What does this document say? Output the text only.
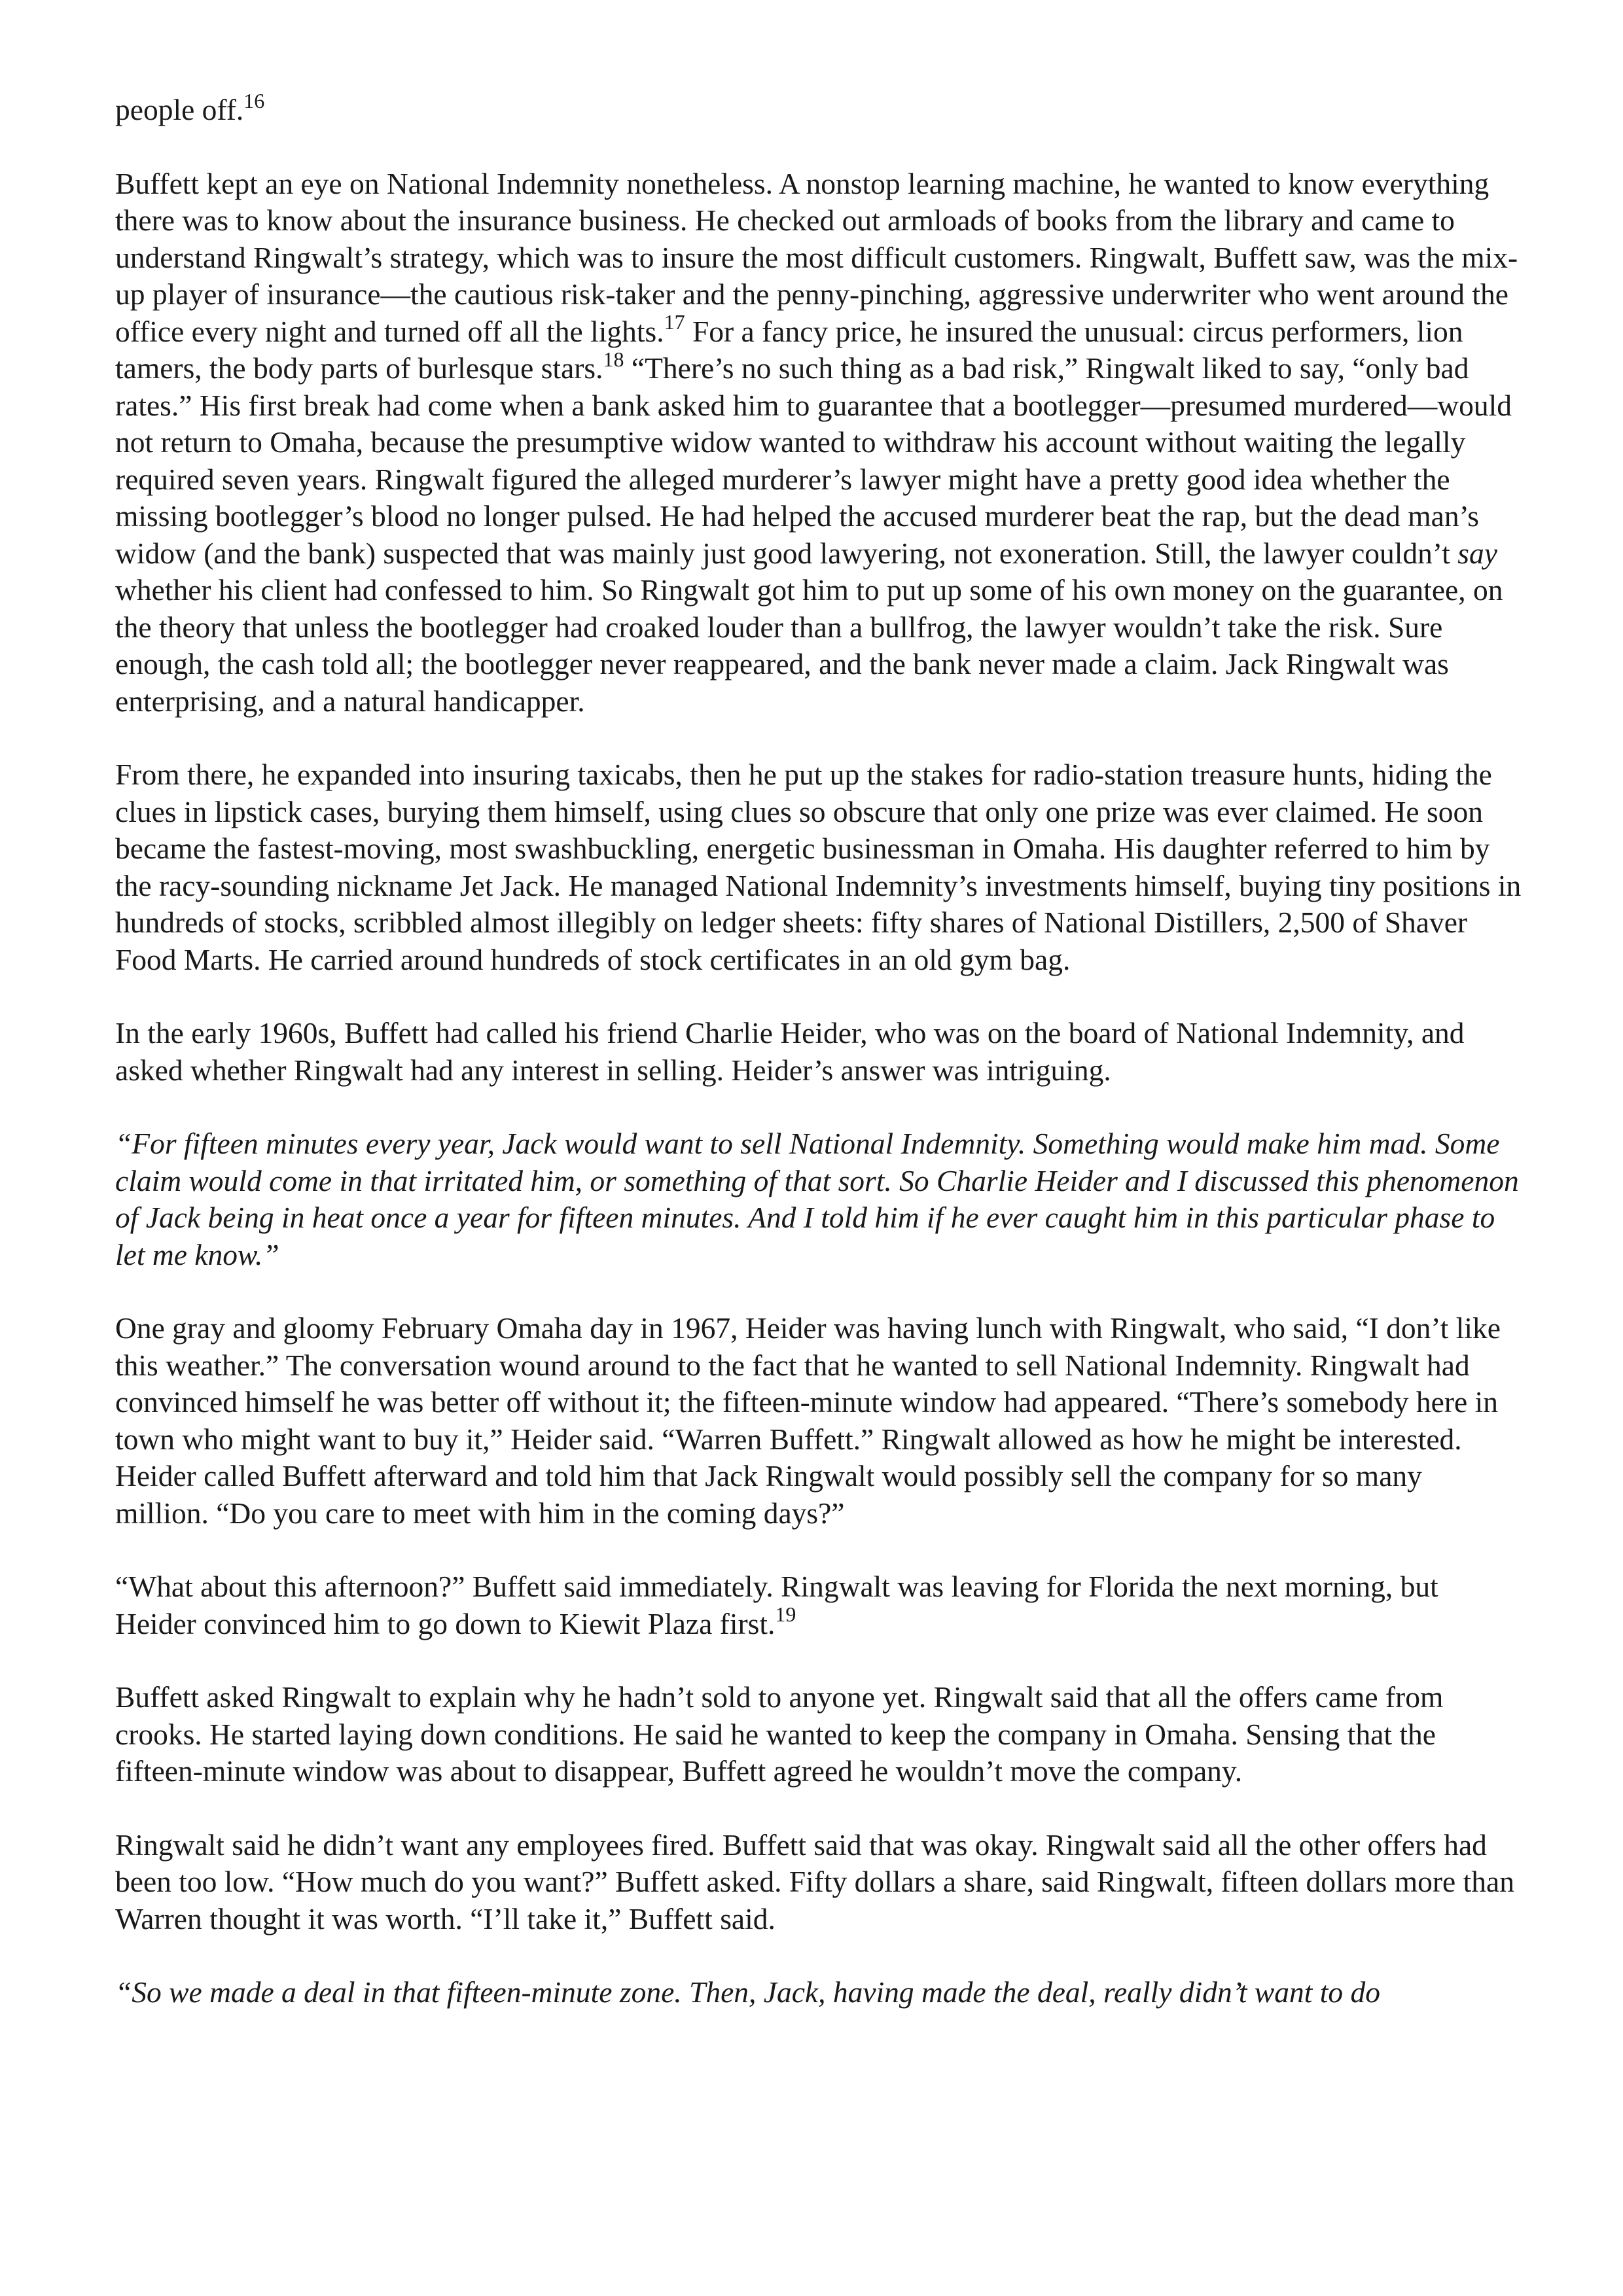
people off.$^{16}$

Buffett kept an eye on National Indemnity nonetheless. A nonstop learning machine, he wanted to know everything there was to know about the insurance business. He checked out armloads of books from the library and came to understand Ringwalt’s strategy, which was to insure the most difficult customers. Ringwalt, Buffett saw, was the mix-up player of insurance—the cautious risk-taker and the penny-pinching, aggressive underwriter who went around the office every night and turned off all the lights.$^{17}$ For a fancy price, he insured the unusual: circus performers, lion tamers, the body parts of burlesque stars.$^{18}$ “There’s no such thing as a bad risk,” Ringwalt liked to say, “only bad rates.” His first break had come when a bank asked him to guarantee that a bootlegger—presumed murdered—would not return to Omaha, because the presumptive widow wanted to withdraw his account without waiting the legally required seven years. Ringwalt figured the alleged murderer’s lawyer might have a pretty good idea whether the missing bootlegger’s blood no longer pulsed. He had helped the accused murderer beat the rap, but the dead man’s widow (and the bank) suspected that was mainly just good lawyering, not exoneration. Still, the lawyer couldn’t say whether his client had confessed to him. So Ringwalt got him to put up some of his own money on the guarantee, on the theory that unless the bootlegger had croaked louder than a bullfrog, the lawyer wouldn’t take the risk. Sure enough, the cash told all; the bootlegger never reappeared, and the bank never made a claim. Jack Ringwalt was enterprising, and a natural handicapper.

From there, he expanded into insuring taxicabs, then he put up the stakes for radio-station treasure hunts, hiding the clues in lipstick cases, burying them himself, using clues so obscure that only one prize was ever claimed. He soon became the fastest-moving, most swashbuckling, energetic businessman in Omaha. His daughter referred to him by the racy-sounding nickname Jet Jack. He managed National Indemnity’s investments himself, buying tiny positions in hundreds of stocks, scribbled almost illegibly on ledger sheets: fifty shares of National Distillers, 2,500 of Shaver Food Marts. He carried around hundreds of stock certificates in an old gym bag.

In the early 1960s, Buffett had called his friend Charlie Heider, who was on the board of National Indemnity, and asked whether Ringwalt had any interest in selling. Heider’s answer was intriguing.

“For fifteen minutes every year, Jack would want to sell National Indemnity. Something would make him mad. Some claim would come in that irritated him, or something of that sort. So Charlie Heider and I discussed this phenomenon of Jack being in heat once a year for fifteen minutes. And I told him if he ever caught him in this particular phase to let me know.”

One gray and gloomy February Omaha day in 1967, Heider was having lunch with Ringwalt, who said, “I don’t like this weather.” The conversation wound around to the fact that he wanted to sell National Indemnity. Ringwalt had convinced himself he was better off without it; the fifteen-minute window had appeared. “There’s somebody here in town who might want to buy it,” Heider said. “Warren Buffett.” Ringwalt allowed as how he might be interested. Heider called Buffett afterward and told him that Jack Ringwalt would possibly sell the company for so many million. “Do you care to meet with him in the coming days?”

“What about this afternoon?” Buffett said immediately. Ringwalt was leaving for Florida the next morning, but Heider convinced him to go down to Kiewit Plaza first.$^{19}$

Buffett asked Ringwalt to explain why he hadn’t sold to anyone yet. Ringwalt said that all the offers came from crooks. He started laying down conditions. He said he wanted to keep the company in Omaha. Sensing that the fifteen-minute window was about to disappear, Buffett agreed he wouldn’t move the company.

Ringwalt said he didn’t want any employees fired. Buffett said that was okay. Ringwalt said all the other offers had been too low. “How much do you want?” Buffett asked. Fifty dollars a share, said Ringwalt, fifteen dollars more than Warren thought it was worth. “I’ll take it,” Buffett said.

“So we made a deal in that fifteen-minute zone. Then, Jack, having made the deal, really didn’t want to do
